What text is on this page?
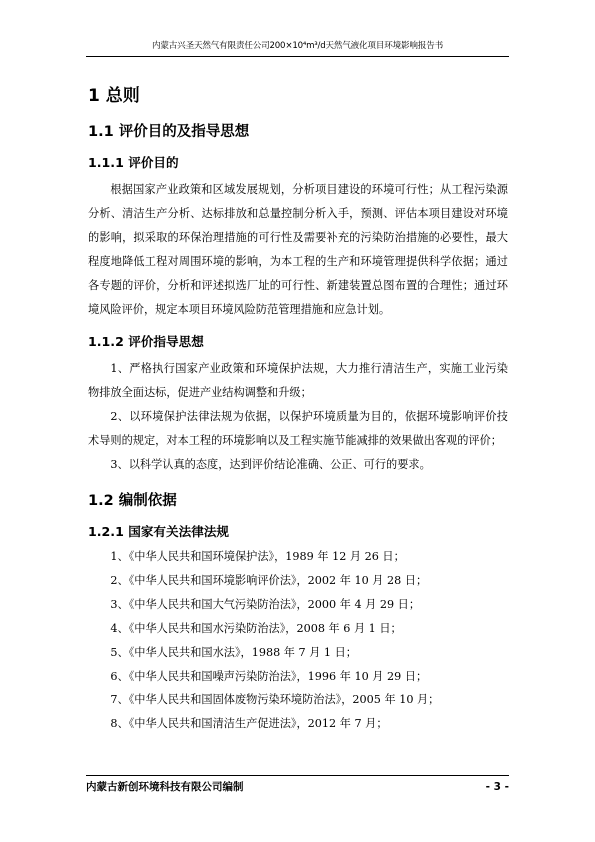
内蒙古兴圣天然气有限责任公司200×10⁴m³/d天然气液化项目环境影响报告书
1 总则
1.1 评价目的及指导思想
1.1.1 评价目的

根据国家产业政策和区域发展规划，分析项目建设的环境可行性；从工程污染源分析、清洁生产分析、达标排放和总量控制分析入手，预测、评估本项目建设对环境的影响，拟采取的环保治理措施的可行性及需要补充的污染防治措施的必要性，最大程度地降低工程对周围环境的影响，为本工程的生产和环境管理提供科学依据；通过各专题的评价，分析和评述拟选厂址的可行性、新建装置总图布置的合理性；通过环境风险评价，规定本项目环境风险防范管理措施和应急计划。

1.1.2 评价指导思想

1、严格执行国家产业政策和环境保护法规，大力推行清洁生产，实施工业污染物排放全面达标，促进产业结构调整和升级；

2、以环境保护法律法规为依据，以保护环境质量为目的，依据环境影响评价技术导则的规定，对本工程的环境影响以及工程实施节能减排的效果做出客观的评价；

3、以科学认真的态度，达到评价结论准确、公正、可行的要求。

1.2 编制依据
1.2.1 国家有关法律法规
1、《中华人民共和国环境保护法》，1989 年 12 月 26 日；
2、《中华人民共和国环境影响评价法》，2002 年 10 月 28 日；
3、《中华人民共和国大气污染防治法》，2000 年 4 月 29 日；
4、《中华人民共和国水污染防治法》，2008 年 6 月 1 日；
5、《中华人民共和国水法》，1988 年 7 月 1 日；
6、《中华人民共和国噪声污染防治法》，1996 年 10 月 29 日；
7、《中华人民共和国固体废物污染环境防治法》，2005 年 10 月；
8、《中华人民共和国清洁生产促进法》，2012 年 7 月；
内蒙古新创环境科技有限公司编制	- 3 -
